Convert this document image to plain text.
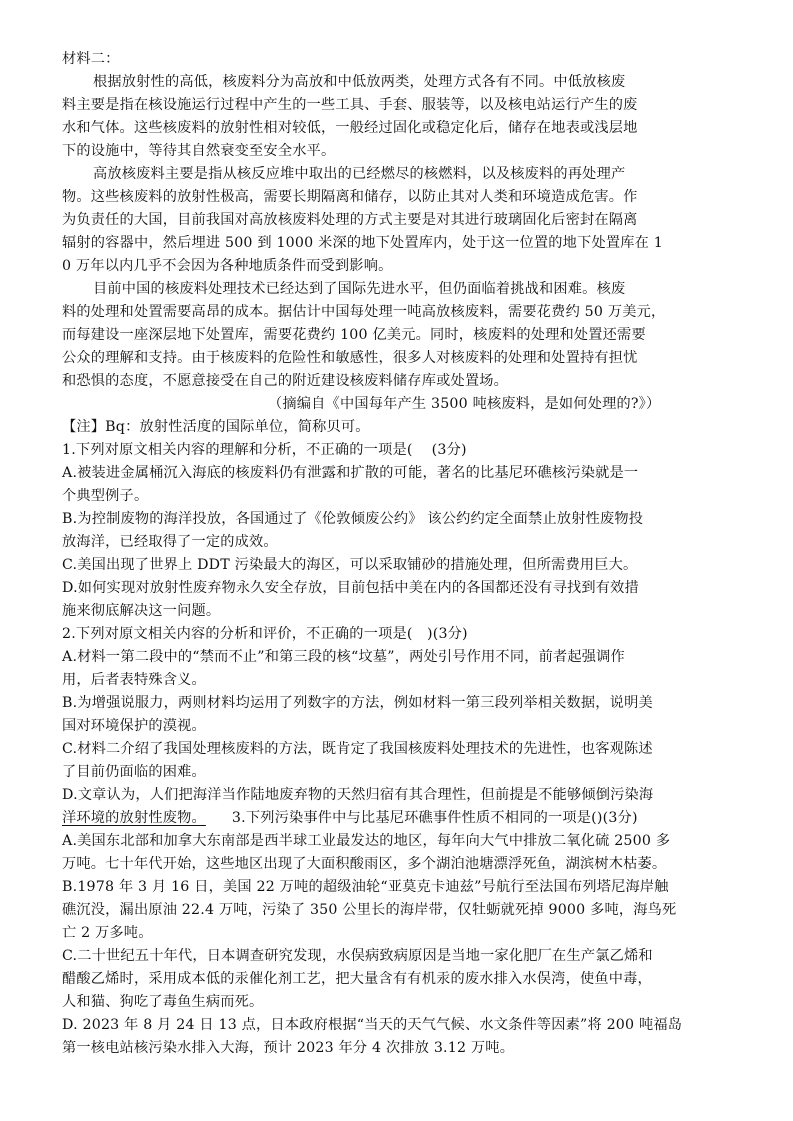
材料二：
根据放射性的高低，核废料分为高放和中低放两类，处理方式各有不同。中低放核废
料主要是指在核设施运行过程中产生的一些工具、手套、服装等，以及核电站运行产生的废
水和气体。这些核废料的放射性相对较低，一般经过固化或稳定化后，储存在地表或浅层地
下的设施中，等待其自然衰变至安全水平。
高放核废料主要是指从核反应堆中取出的已经燃尽的核燃料，以及核废料的再处理产
物。这些核废料的放射性极高，需要长期隔离和储存，以防止其对人类和环境造成危害。作
为负责任的大国，目前我国对高放核废料处理的方式主要是对其进行玻璃固化后密封在隔离
辐射的容器中，然后埋进 500 到 1000 米深的地下处置库内，处于这一位置的地下处置库在 1
0 万年以内几乎不会因为各种地质条件而受到影响。
目前中国的核废料处理技术已经达到了国际先进水平，但仍面临着挑战和困难。核废
料的处理和处置需要高昂的成本。据估计中国每处理一吨高放核废料，需要花费约 50 万美元，
而每建设一座深层地下处置库，需要花费约 100 亿美元。同时，核废料的处理和处置还需要
公众的理解和支持。由于核废料的危险性和敏感性，很多人对核废料的处理和处置持有担忧
和恐惧的态度，不愿意接受在自己的附近建设核废料储存库或处置场。
（摘编自《中国每年产生 3500 吨核废料，是如何处理的?》）
【注】Bq：放射性活度的国际单位，简称贝可。
1.下列对原文相关内容的理解和分析，不正确的一项是(　 (3分)
A.被装进金属桶沉入海底的核废料仍有泄露和扩散的可能，著名的比基尼环礁核污染就是一
个典型例子。
B.为控制废物的海洋投放，各国通过了《伦敦倾废公约》 该公约约定全面禁止放射性废物投
放海洋，已经取得了一定的成效。
C.美国出现了世界上 DDT 污染最大的海区，可以采取铺砂的措施处理，但所需费用巨大。
D.如何实现对放射性废弃物永久安全存放，目前包括中美在内的各国都还没有寻找到有效措
施来彻底解决这一问题。
2.下列对原文相关内容的分析和评价，不正确的一项是(　)(3分)
A.材料一第二段中的“禁而不止”和第三段的核“坟墓”，两处引号作用不同，前者起强调作
用，后者表特殊含义。
B.为增强说服力，两则材料均运用了列数字的方法，例如材料一第三段列举相关数据，说明美
国对环境保护的漠视。
C.材料二介绍了我国处理核废料的方法，既肯定了我国核废料处理技术的先进性，也客观陈述
了目前仍面临的困难。
D.文章认为，人们把海洋当作陆地废弃物的天然归宿有其合理性，但前提是不能够倾倒污染海
洋环境的放射性废物。 3.下列污染事件中与比基尼环礁事件性质不相同的一项是()(3分)
A.美国东北部和加拿大东南部是西半球工业最发达的地区，每年向大气中排放二氧化硫 2500 多
万吨。七十年代开始，这些地区出现了大面积酸雨区，多个湖泊池塘漂浮死鱼，湖滨树木枯萎。
B.1978 年 3 月 16 日，美国 22 万吨的超级油轮“亚莫克卡迪兹”号航行至法国布列塔尼海岸触
礁沉没，漏出原油 22.4 万吨，污染了 350 公里长的海岸带，仅牡蛎就死掉 9000 多吨，海鸟死
亡 2 万多吨。
C.二十世纪五十年代，日本调查研究发现，水俣病致病原因是当地一家化肥厂在生产氯乙烯和
醋酸乙烯时，采用成本低的汞催化剂工艺，把大量含有有机汞的废水排入水俣湾，使鱼中毒，
人和猫、狗吃了毒鱼生病而死。
D. 2023 年 8 月 24 日 13 点，日本政府根据“当天的天气气候、水文条件等因素”将 200 吨福岛
第一核电站核污染水排入大海，预计 2023 年分 4 次排放 3.12 万吨。
